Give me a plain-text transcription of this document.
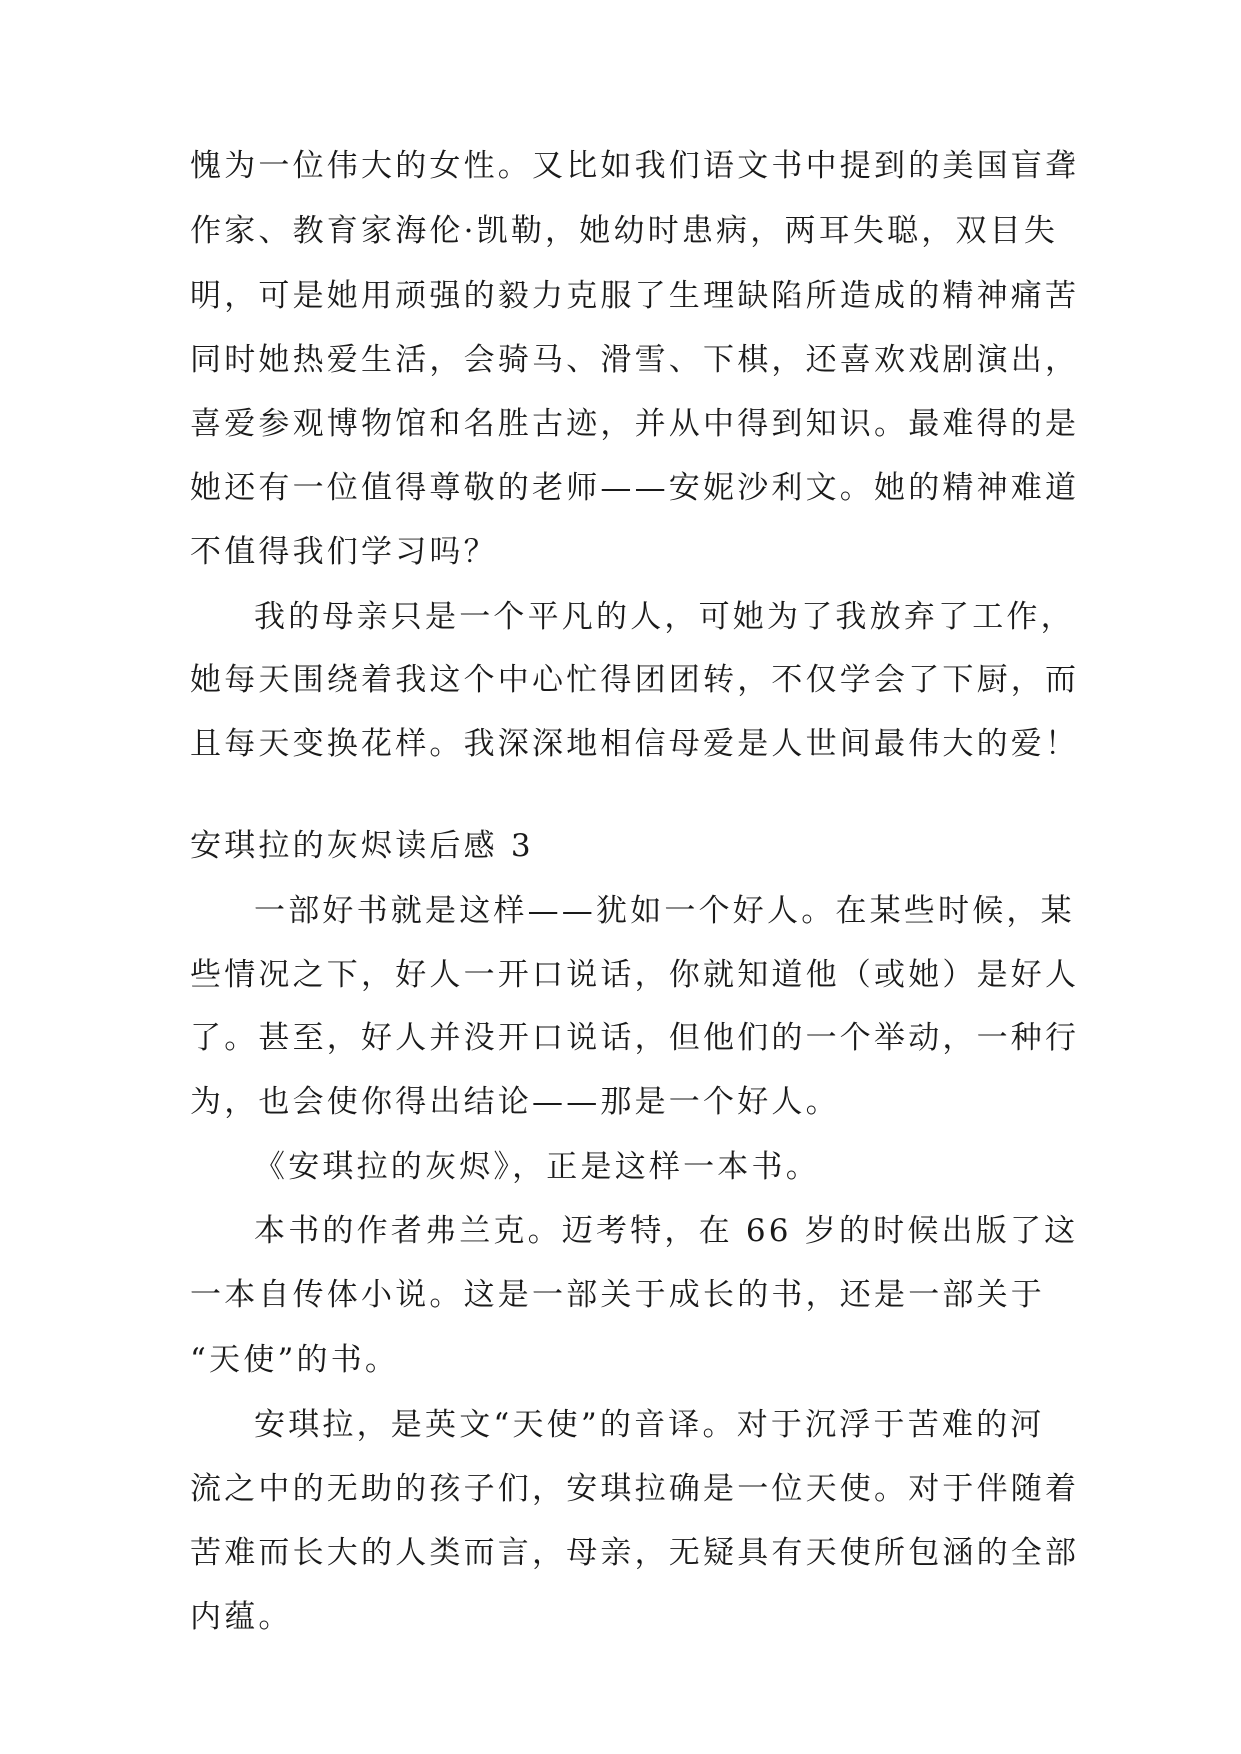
愧为一位伟大的女性。又比如我们语文书中提到的美国盲聋
作家、教育家海伦·凯勒，她幼时患病，两耳失聪，双目失
明，可是她用顽强的毅力克服了生理缺陷所造成的精神痛苦
同时她热爱生活，会骑马、滑雪、下棋，还喜欢戏剧演出，
喜爱参观博物馆和名胜古迹，并从中得到知识。最难得的是
她还有一位值得尊敬的老师——安妮沙利文。她的精神难道
不值得我们学习吗？
我的母亲只是一个平凡的人，可她为了我放弃了工作，
她每天围绕着我这个中心忙得团团转，不仅学会了下厨，而
且每天变换花样。我深深地相信母爱是人世间最伟大的爱！
安琪拉的灰烬读后感 3
一部好书就是这样——犹如一个好人。在某些时候，某
些情况之下，好人一开口说话，你就知道他（或她）是好人
了。甚至，好人并没开口说话，但他们的一个举动，一种行
为，也会使你得出结论——那是一个好人。
《安琪拉的灰烬》，正是这样一本书。
本书的作者弗兰克。迈考特，在 66 岁的时候出版了这
一本自传体小说。这是一部关于成长的书，还是一部关于
“天使”的书。
安琪拉，是英文“天使”的音译。对于沉浮于苦难的河
流之中的无助的孩子们，安琪拉确是一位天使。对于伴随着
苦难而长大的人类而言，母亲，无疑具有天使所包涵的全部
内蕴。
